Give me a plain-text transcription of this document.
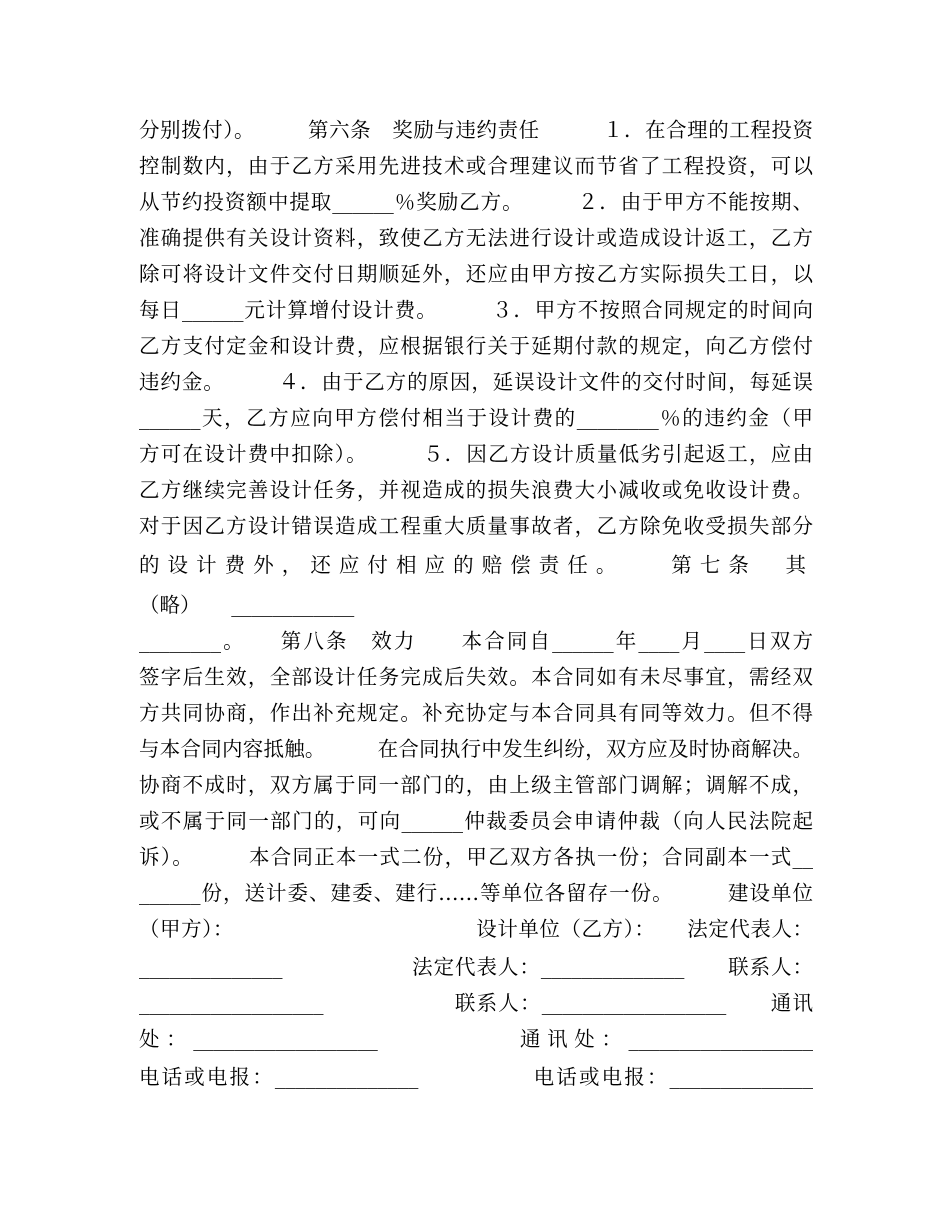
分别拨付）。　　　第六条　奖励与违约责任　　　１．在合理的工程投资
控制数内，由于乙方采用先进技术或合理建议而节省了工程投资，可以
从节约投资额中提取______％奖励乙方。　　　２．由于甲方不能按期、
准确提供有关设计资料，致使乙方无法进行设计或造成设计返工，乙方
除可将设计文件交付日期顺延外，还应由甲方按乙方实际损失工日，以
每日______元计算增付设计费。　　　３．甲方不按照合同规定的时间向
乙方支付定金和设计费，应根据银行关于延期付款的规定，向乙方偿付
违约金。　　　４．由于乙方的原因，延误设计文件的交付时间，每延误
______天，乙方应向甲方偿付相当于设计费的________％的违约金（甲
方可在设计费中扣除）。　　　５．因乙方设计质量低劣引起返工，应由
乙方继续完善设计任务，并视造成的损失浪费大小减收或免收设计费。
对于因乙方设计错误造成工程重大质量事故者，乙方除免收受损失部分
的设计费外，还应付相应的赔偿责任。　　第七条　其
（略）　　____________
________。　　第八条　效力　　本合同自______年____月____日双方
签字后生效，全部设计任务完成后失效。本合同如有未尽事宜，需经双
方共同协商，作出补充规定。补充协定与本合同具有同等效力。但不得
与本合同内容抵触。　　　在合同执行中发生纠纷，双方应及时协商解决。
协商不成时，双方属于同一部门的，由上级主管部门调解；调解不成，
或不属于同一部门的，可向______仲裁委员会申请仲裁（向人民法院起
诉）。　　　本合同正本一式二份，甲乙双方各执一份；合同副本一式__
______份，送计委、建委、建行……等单位各留存一份。　　　建设单位
（甲方）：　　　　　　　　　　　　设计单位（乙方）：　　法定代表人：
______________　　　　　　法定代表人：______________　　联系人：
__________________　　　　　　联系人：__________________　　通讯
处：__________________　　　　　通讯处：__________________
电话或电报：______________　　　　　电话或电报：______________
